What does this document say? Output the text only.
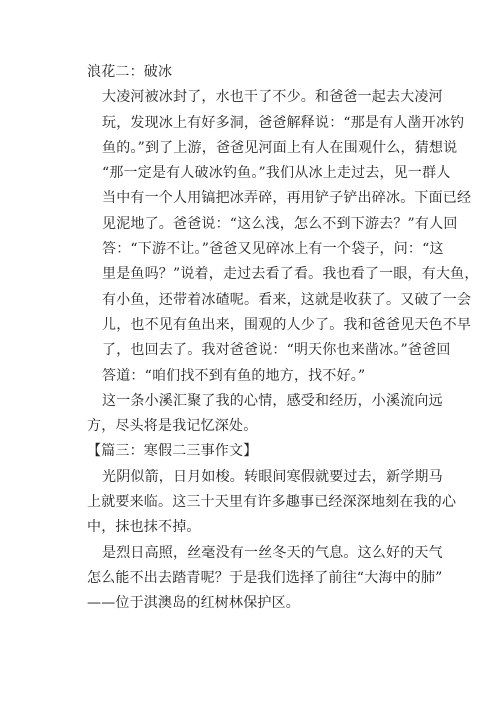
浪花二：破冰

大凌河被冰封了，水也干了不少。和爸爸一起去大凌河
玩，发现冰上有好多洞，爸爸解释说：“那是有人凿开冰钓
鱼的。”到了上游，爸爸见河面上有人在围观什么，猜想说
“那一定是有人破冰钓鱼。”我们从冰上走过去，见一群人
当中有一个人用镐把冰弄碎，再用铲子铲出碎冰。下面已经
见泥地了。爸爸说：“这么浅，怎么不到下游去？”有人回
答：“下游不让。”爸爸又见碎冰上有一个袋子，问：“这
里是鱼吗？”说着，走过去看了看。我也看了一眼，有大鱼，
有小鱼，还带着冰碴呢。看来，这就是收获了。又破了一会
儿，也不见有鱼出来，围观的人少了。我和爸爸见天色不早
了，也回去了。我对爸爸说：“明天你也来凿冰。”爸爸回
答道：“咱们找不到有鱼的地方，找不好。”

这一条小溪汇聚了我的心情，感受和经历，小溪流向远
方，尽头将是我记忆深处。

【篇三：寒假二三事作文】

光阴似箭，日月如梭。转眼间寒假就要过去，新学期马
上就要来临。这三十天里有许多趣事已经深深地刻在我的心
中，抹也抹不掉。

是烈日高照，丝毫没有一丝冬天的气息。这么好的天气
怎么能不出去踏青呢？于是我们选择了前往“大海中的肺”
——位于淇澳岛的红树林保护区。
